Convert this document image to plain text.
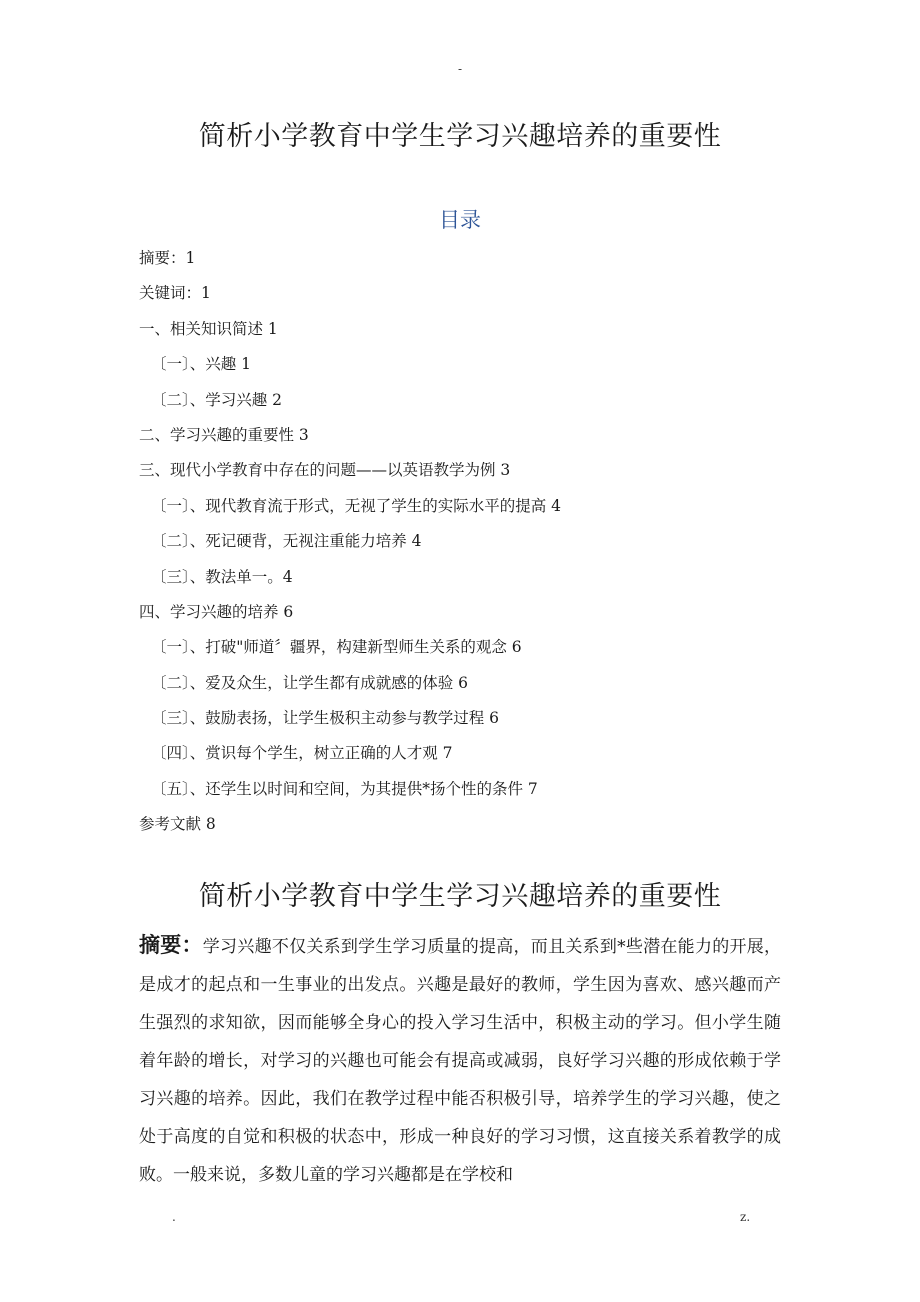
-
简析小学教育中学生学习兴趣培养的重要性
目录
摘要：1
关键词：1
一、相关知识简述 1
〔一〕、兴趣 1
〔二〕、学习兴趣 2
二、学习兴趣的重要性 3
三、现代小学教育中存在的问题——以英语教学为例 3
〔一〕、现代教育流于形式，无视了学生的实际水平的提高 4
〔二〕、死记硬背，无视注重能力培养 4
〔三〕、教法单一。4
四、学习兴趣的培养 6
〔一〕、打破"师道〞疆界，构建新型师生关系的观念 6
〔二〕、爱及众生，让学生都有成就感的体验 6
〔三〕、鼓励表扬，让学生极积主动参与教学过程 6
〔四〕、赏识每个学生，树立正确的人才观 7
〔五〕、还学生以时间和空间，为其提供*扬个性的条件 7
参考文献 8
简析小学教育中学生学习兴趣培养的重要性

摘要：学习兴趣不仅关系到学生学习质量的提高，而且关系到*些潜在能力的开展，是成才的起点和一生事业的出发点。兴趣是最好的教师，学生因为喜欢、感兴趣而产生强烈的求知欲，因而能够全身心的投入学习生活中，积极主动的学习。但小学生随着年龄的增长，对学习的兴趣也可能会有提高或减弱，良好学习兴趣的形成依赖于学习兴趣的培养。因此，我们在教学过程中能否积极引导，培养学生的学习兴趣，使之处于高度的自觉和积极的状态中，形成一种良好的学习习惯，这直接关系着教学的成败。一般来说，多数儿童的学习兴趣都是在学校和

.	z.
